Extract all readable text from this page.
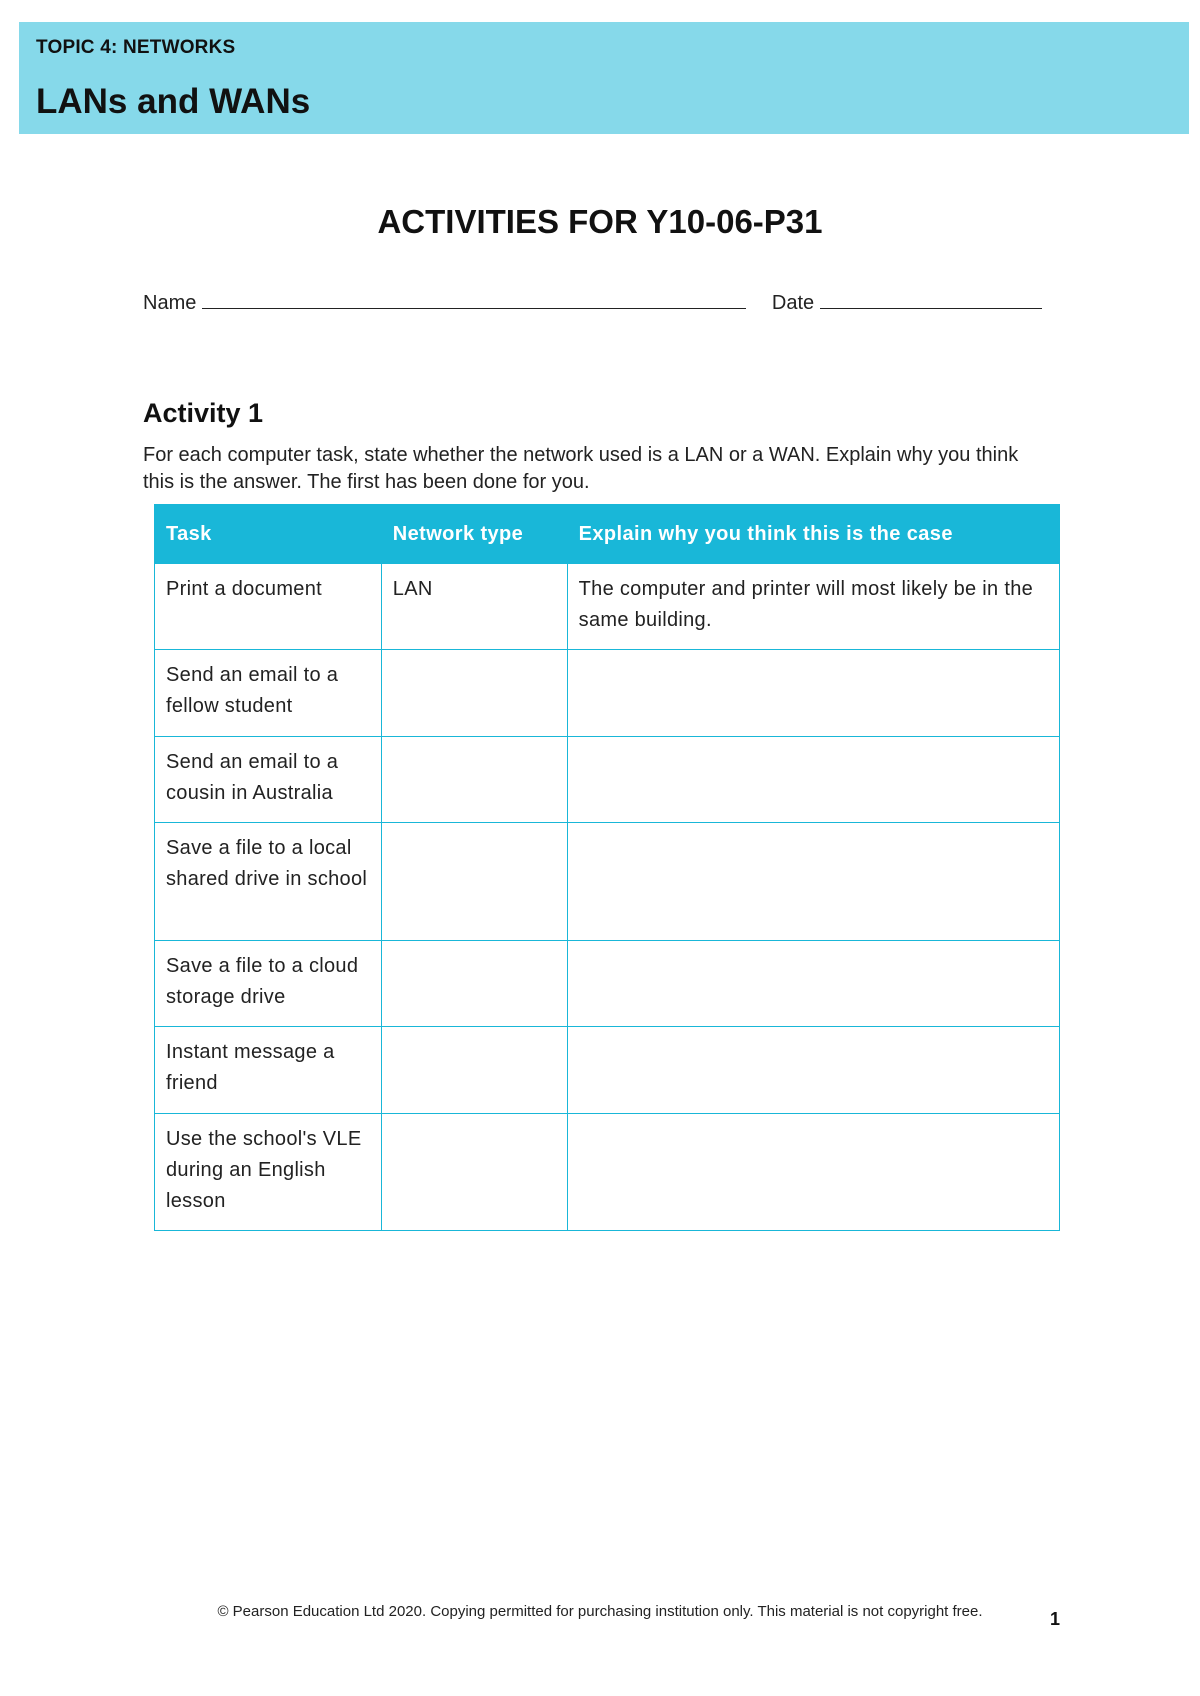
TOPIC 4: NETWORKS
LANs and WANs
ACTIVITIES FOR Y10-06-P31
Name	Date
Activity 1
For each computer task, state whether the network used is a LAN or a WAN. Explain why you think this is the answer. The first has been done for you.
Task	Network type	Explain why you think this is the case
Print a document	LAN	The computer and printer will most likely be in the same building.
Send an email to a fellow student		
Send an email to a cousin in Australia		
Save a file to a local shared drive in school		
Save a file to a cloud storage drive		
Instant message a friend		
Use the school's VLE during an English lesson		
© Pearson Education Ltd 2020. Copying permitted for purchasing institution only. This material is not copyright free.	1
